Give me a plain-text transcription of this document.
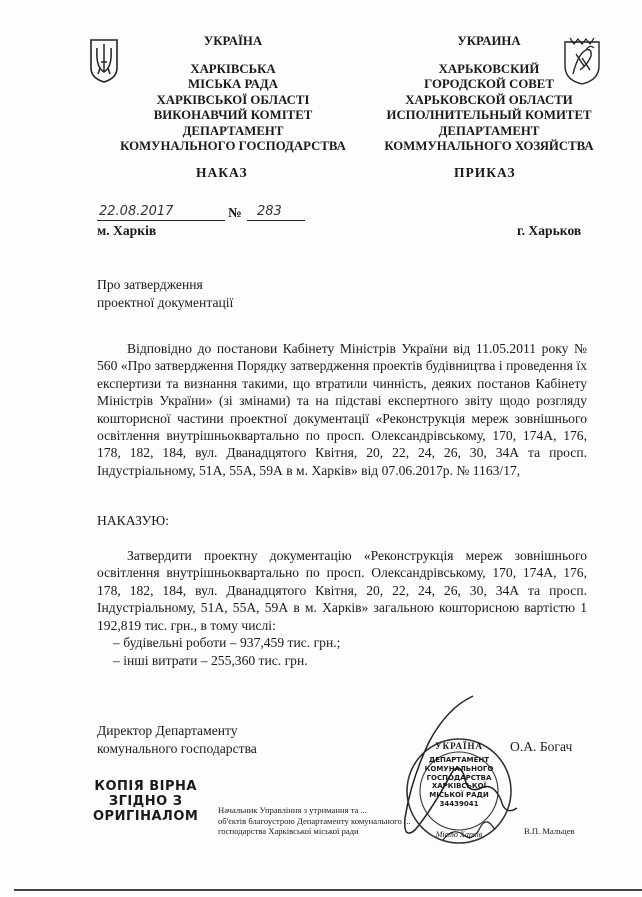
УКРАЇНА
ХАРКІВСЬКА
МІСЬКА РАДА
ХАРКІВСЬКОЇ ОБЛАСТІ
ВИКОНАВЧИЙ КОМІТЕТ
ДЕПАРТАМЕНТ
КОМУНАЛЬНОГО ГОСПОДАРСТВА
УКРАИНА
ХАРЬКОВСКИЙ
ГОРОДСКОЙ СОВЕТ
ХАРЬКОВСКОЙ ОБЛАСТИ
ИСПОЛНИТЕЛЬНЫЙ КОМИТЕТ
ДЕПАРТАМЕНТ
КОММУНАЛЬНОГО ХОЗЯЙСТВА
НАКАЗ	ПРИКАЗ
22.08.2017	№ 283
м. Харків	г. Харьков
Про затвердження
проектної документації

Відповідно до постанови Кабінету Міністрів України від 11.05.2011 року № 560 «Про затвердження Порядку затвердження проектів будівництва і проведення їх експертизи та визнання такими, що втратили чинність, деяких постанов Кабінету Міністрів України» (зі змінами) та на підставі експертного звіту щодо розгляду кошторисної частини проектної документації «Реконструкція мереж зовнішнього освітлення внутрішньоквартально по просп. Олександрівському, 170, 174А, 176, 178, 182, 184, вул. Дванадцятого Квітня, 20, 22, 24, 26, 30, 34А та просп. Індустріальному, 51А, 55А, 59А в м. Харків» від 07.06.2017р. № 1163/17,

НАКАЗУЮ:

Затвердити проектну документацію «Реконструкція мереж зовнішнього освітлення внутрішньоквартально по просп. Олександрівському, 170, 174А, 176, 178, 182, 184, вул. Дванадцятого Квітня, 20, 22, 24, 26, 30, 34А та просп. Індустріальному, 51А, 55А, 59А в м. Харків» загальною кошторисною вартістю 1 192,819 тис. грн., в тому числі:

– будівельні роботи – 937,459 тис. грн.;
– інші витрати – 255,360 тис. грн.
Директор Департаменту
комунального господарства	О.А. Богач
УКРАЇНА
ДЕПАРТАМЕНТ
КОМУНАЛЬНОГО
ГОСПОДАРСТВА
ХАРКІВСЬКОЇ
МІСЬКОЇ РАДИ
34439041
Місто Харків
КОПІЯ ВІРНА
ЗГІДНО З
ОРИГІНАЛОМ Начальник Управління з утримання та ...
об'єктів благоустрою Департаменту комунального ...
господарства Харківської міської ради	В.П. Мальцев
